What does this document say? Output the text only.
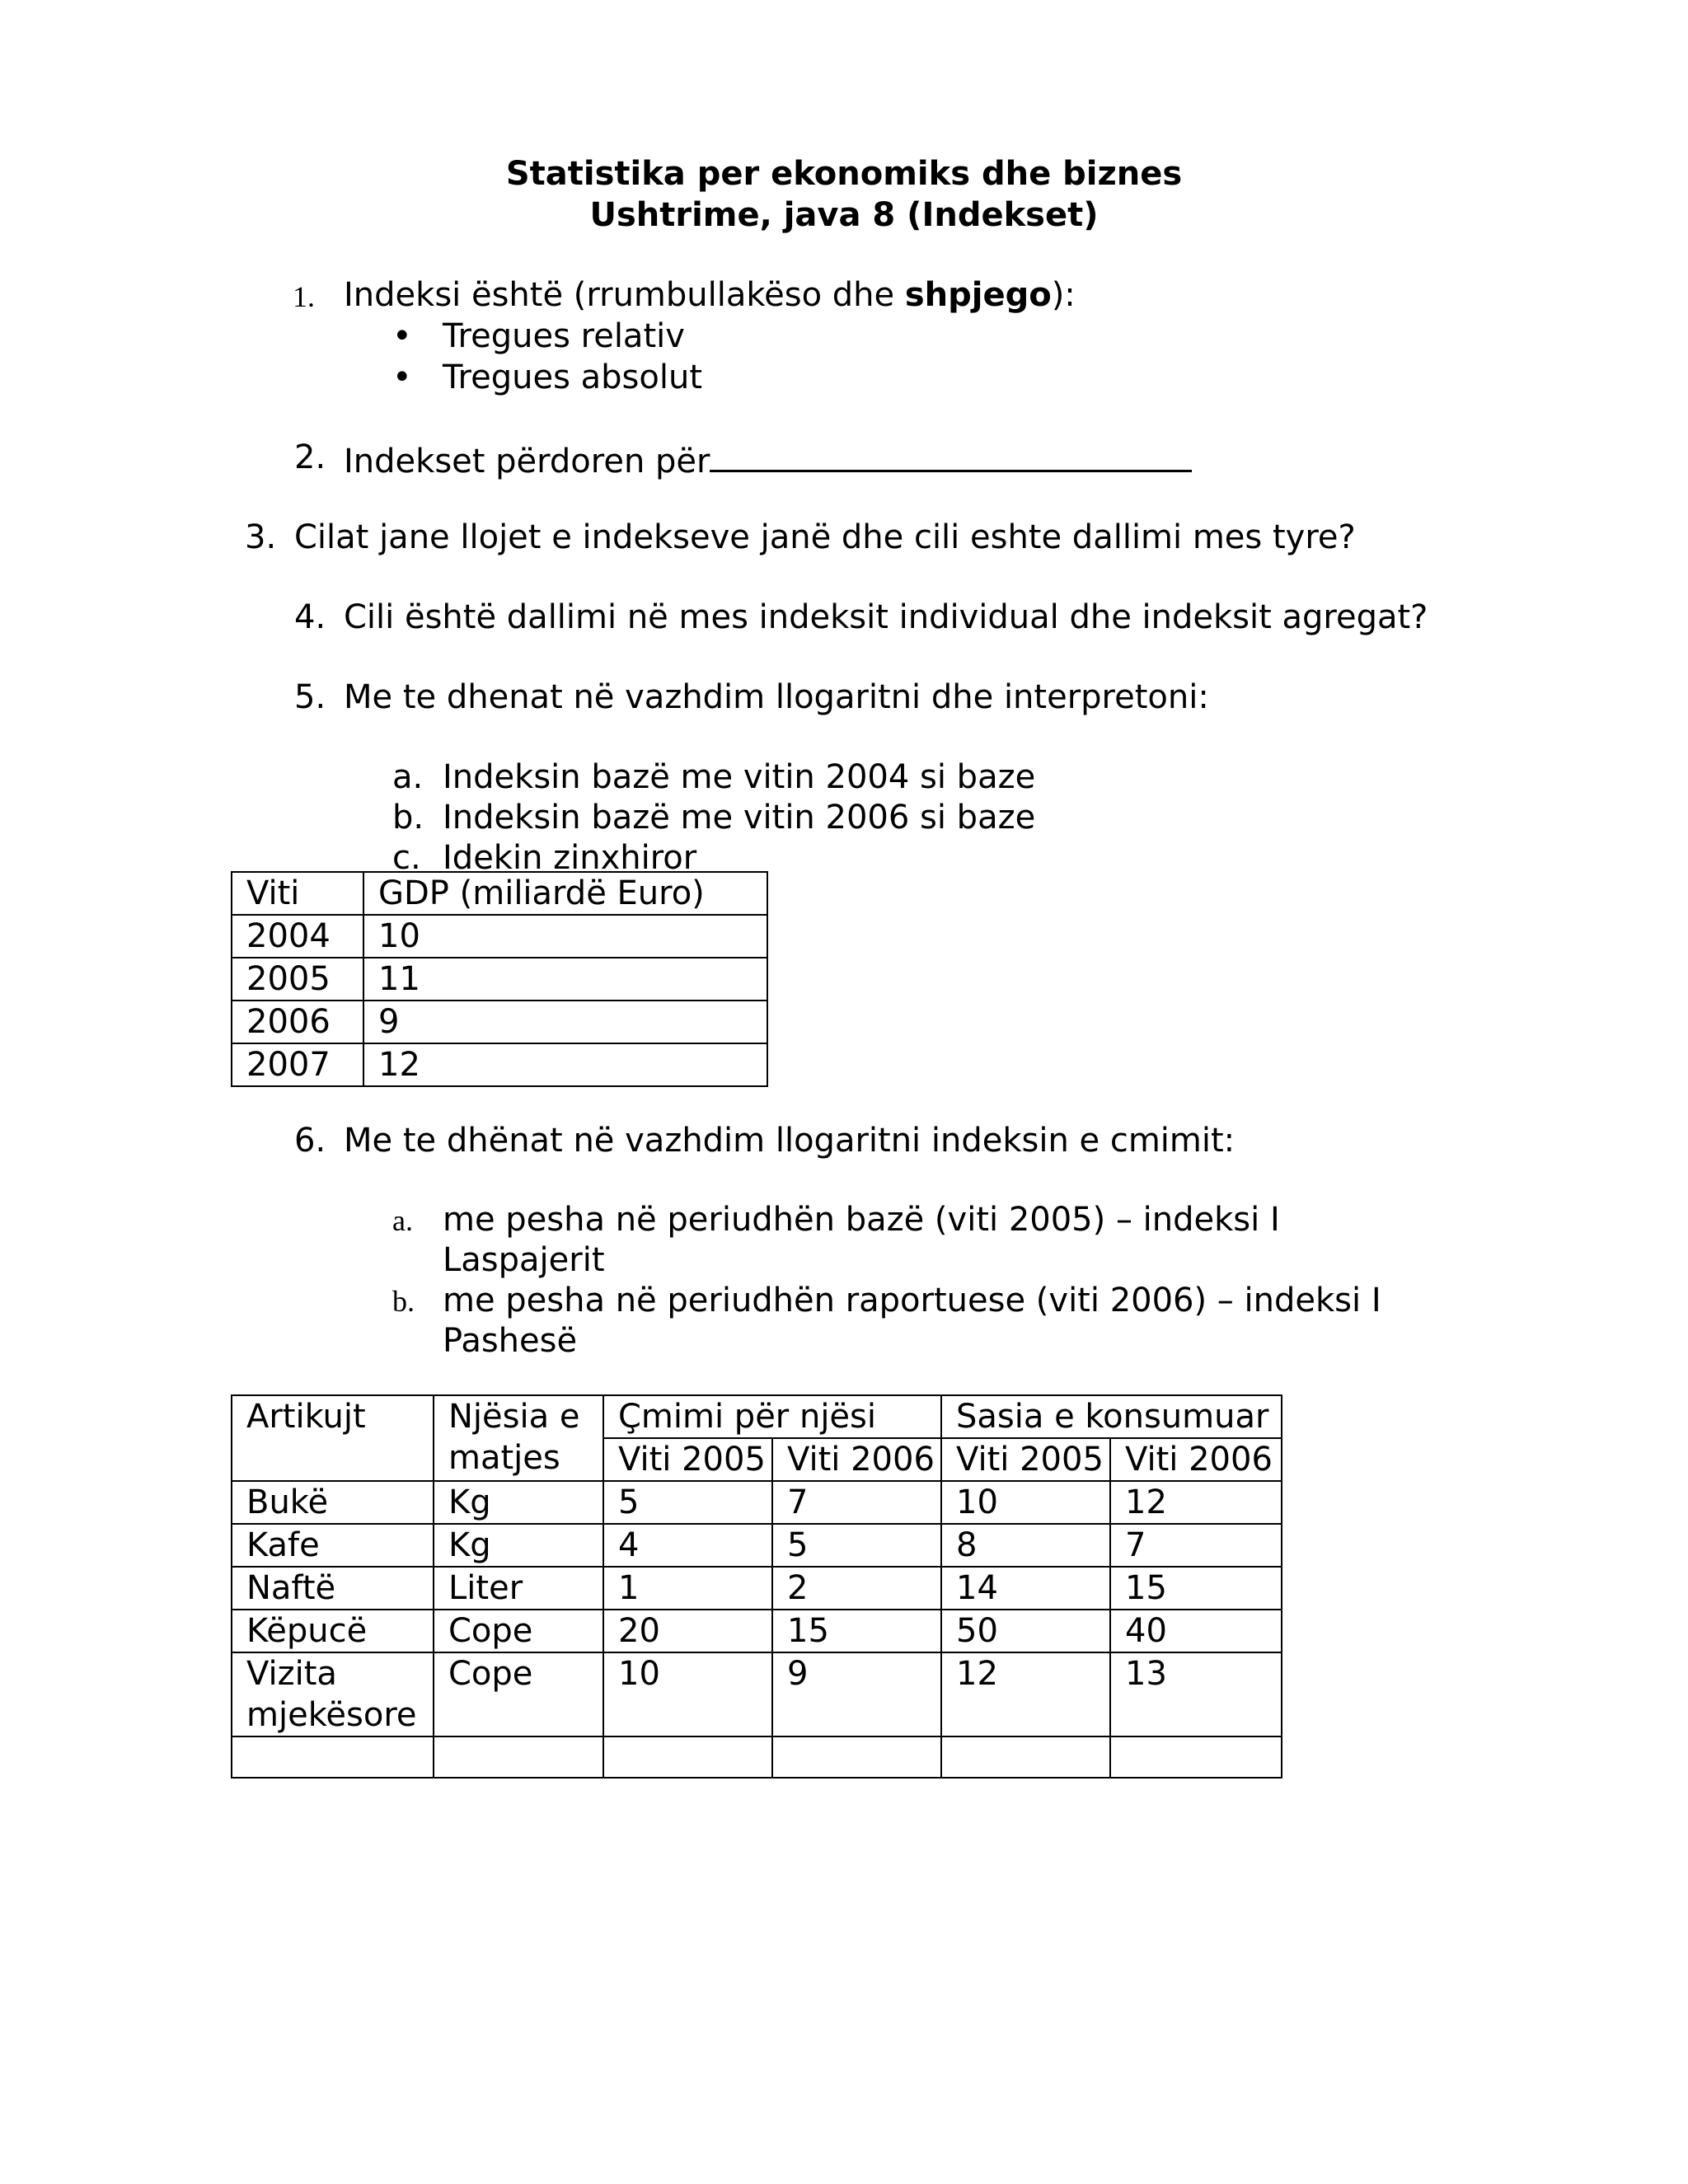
Statistika per ekonomiks dhe biznes
Ushtrime, java 8 (Indekset)
1. Indeksi është (rrumbullakëso dhe shpjego):
• Tregues relativ
• Tregues absolut
2. Indekset përdoren për
3. Cilat jane llojet e indekseve janë dhe cili eshte dallimi mes tyre?
4. Cili është dallimi në mes indeksit individual dhe indeksit agregat?
5. Me te dhenat në vazhdim llogaritni dhe interpretoni:
a. Indeksin bazë me vitin 2004 si baze
b. Indeksin bazë me vitin 2006 si baze
c. Idekin zinxhiror
Viti	GDP (miliardë Euro)
2004	10
2005	11
2006	9
2007	12
6. Me te dhënat në vazhdim llogaritni indeksin e cmimit:
a. me pesha në periudhën bazë (viti 2005) – indeksi I
Laspajerit
b. me pesha në periudhën raportuese (viti 2006) – indeksi I
Pashesë
Artikujt	Njësia e matjes	Çmimi për njësi		Sasia e konsumuar	
		Viti 2005	Viti 2006	Viti 2005	Viti 2006
Bukë	Kg	5	7	10	12
Kafe	Kg	4	5	8	7
Naftë	Liter	1	2	14	15
Këpucë	Cope	20	15	50	40
Vizita mjekësore	Cope	10	9	12	13
